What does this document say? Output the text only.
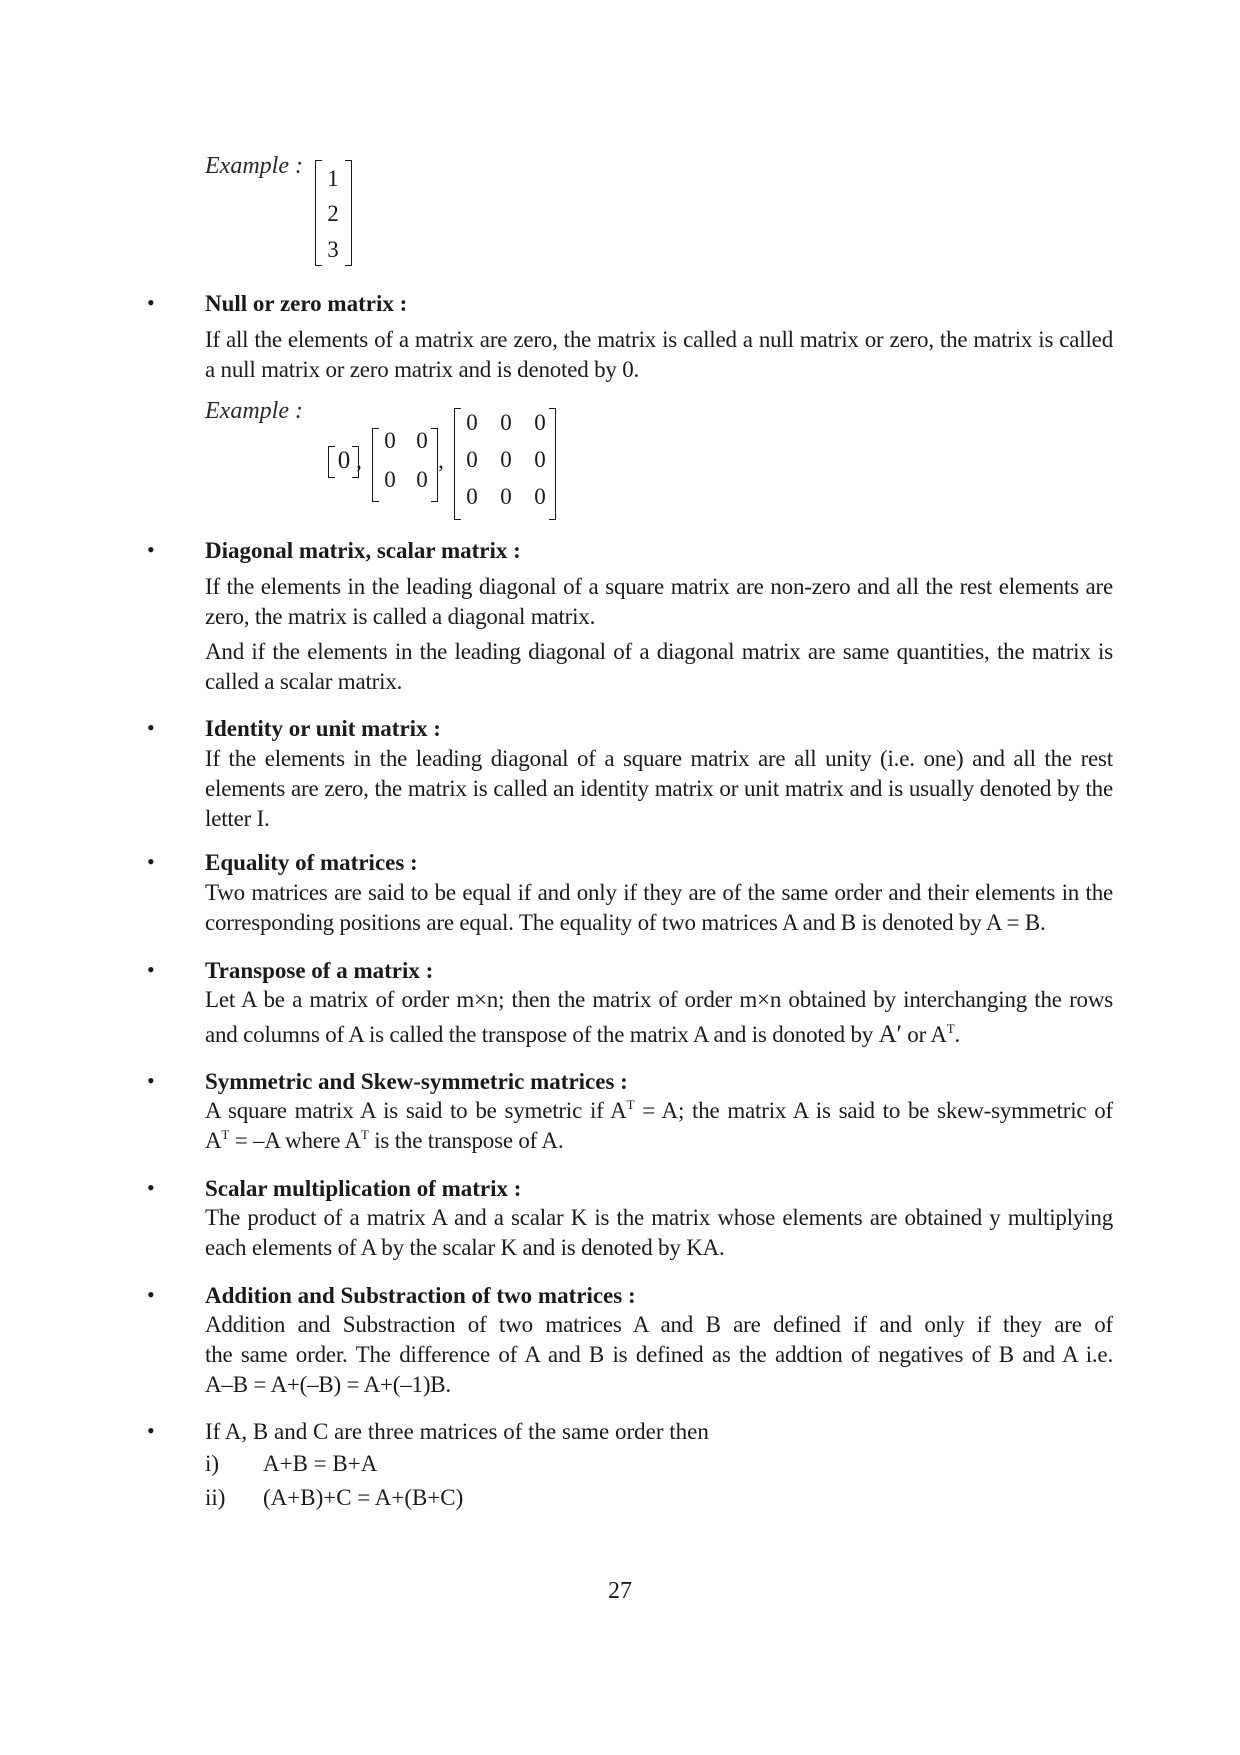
Example : 1
2
3
• Null or zero matrix :
If all the elements of a matrix are zero, the matrix is called a null matrix or zero, the matrix is called
a null matrix or zero matrix and is denoted by 0.
Example :
0 ,
0 0
0 0
,
0 0 0
0 0 0
0 0 0
• Diagonal matrix, scalar matrix :
If the elements in the leading diagonal of a square matrix are non-zero and all the rest elements are
zero, the matrix is called a diagonal matrix.
And if the elements in the leading diagonal of a diagonal matrix are same quantities, the matrix is
called a scalar matrix.
• Identity or unit matrix :
If the elements in the leading diagonal of a square matrix are all unity (i.e. one) and all the rest
elements are zero, the matrix is called an identity matrix or unit matrix and is usually denoted by the
letter I.
• Equality of matrices :
Two matrices are said to be equal if and only if they are of the same order and their elements in the
corresponding positions are equal. The equality of two matrices A and B is denoted by A = B.
• Transpose of a matrix :
Let A be a matrix of order m×n; then the matrix of order m×n obtained by interchanging the rows
and columns of A is called the transpose of the matrix A and is donoted by A′ or $A^T$.
• Symmetric and Skew-symmetric matrices :
A square matrix A is said to be symetric if $A^T = A$; the matrix A is said to be skew-symmetric of
$A^T = -A$ where $A^T$ is the transpose of A.
• Scalar multiplication of matrix :
The product of a matrix A and a scalar K is the matrix whose elements are obtained y multiplying
each elements of A by the scalar K and is denoted by KA.
• Addition and Substraction of two matrices :
Addition and Substraction of two matrices A and B are defined if and only if they are of
the same order. The difference of A and B is defined as the addtion of negatives of B and A i.e.
A–B = A+(–B) = A+(–1)B.
• If A, B and C are three matrices of the same order then
i) A+B = B+A
ii) (A+B)+C = A+(B+C)
27
